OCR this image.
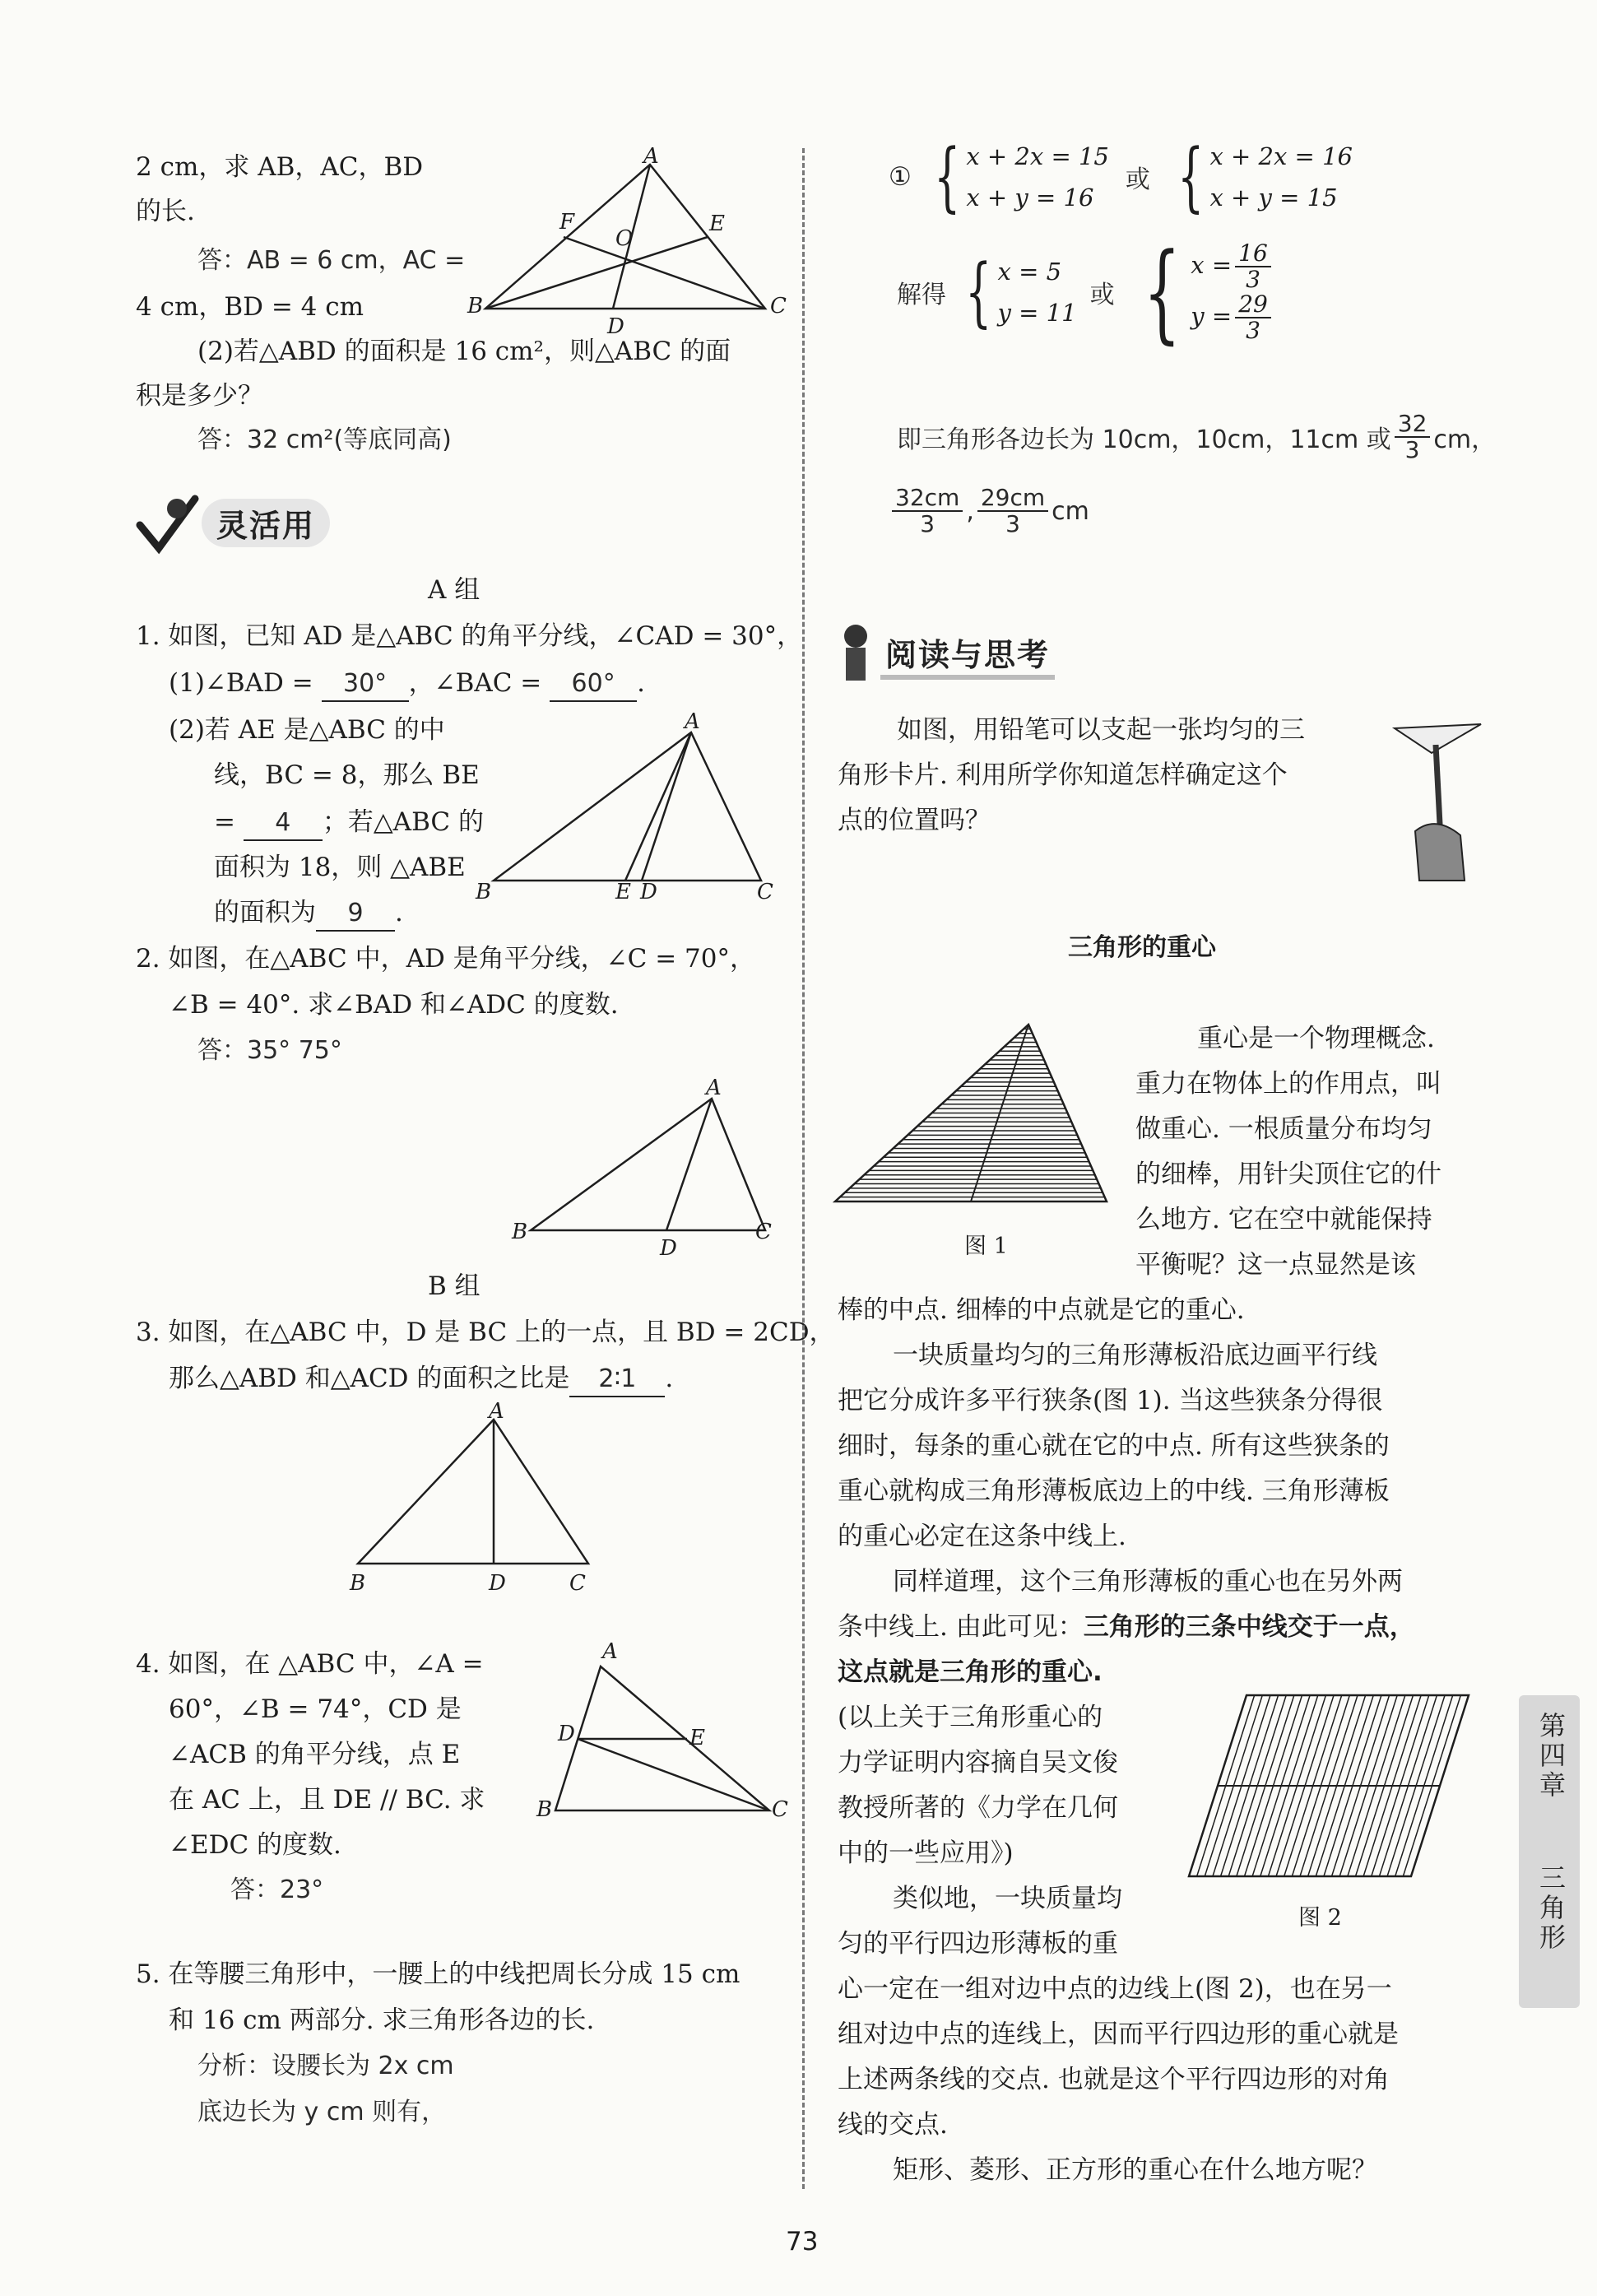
2 cm，求 AB，AC，BD
的长.
答：AB = 6 cm，AC =
4 cm，BD = 4 cm
A
B	C
D
F	E
O
(2)若△ABD 的面积是 16 cm²，则△ABC 的面
积是多少？
答：32 cm²(等底同高)
灵活用
A 组
1. 如图，已知 AD 是△ABC 的角平分线，∠CAD = 30°，
(1)∠BAD = 30° ，∠BAC = 60° .
(2)若 AE 是△ABC 的中
线，BC = 8，那么 BE
= 4 ；若△ABC 的
面积为 18，则 △ABE
的面积为 9 .
A
B	C
E D
2. 如图，在△ABC 中，AD 是角平分线，∠C = 70°，
∠B = 40°. 求∠BAD 和∠ADC 的度数.
答：35° 75°
A
B	C
D
B 组
3. 如图，在△ABC 中，D 是 BC 上的一点，且 BD = 2CD，
那么△ABD 和△ACD 的面积之比是 2∶1 .
A
B	D	C
4. 如图，在 △ABC 中，∠A =
60°，∠B = 74°，CD 是
∠ACB 的角平分线，点 E
在 AC 上，且 DE // BC. 求
∠EDC 的度数.
答：23°
A
B	C
D	E
5. 在等腰三角形中，一腰上的中线把周长分成 15 cm
和 16 cm 两部分. 求三角形各边的长.
分析：设腰长为 2x cm
底边长为 y cm 则有，
① { x + 2x = 15
x + y = 16
或 { x + 2x = 16
x + y = 15
解得 { x = 5
y = 11
或 { $x = \frac{16}{3}$
$y = \frac{29}{3}$
即三角形各边长为 10cm，10cm，11cm 或 $\frac{32}{3}$ cm，
$\frac{32cm}{3}$ , $\frac{29cm}{3}$ cm
阅读与思考
如图，用铅笔可以支起一张均匀的三
角形卡片. 利用所学你知道怎样确定这个
点的位置吗？
三角形的重心
图 1
重心是一个物理概念.
重力在物体上的作用点，叫
做重心. 一根质量分布均匀
的细棒，用针尖顶住它的什
么地方. 它在空中就能保持
平衡呢？这一点显然是该
棒的中点. 细棒的中点就是它的重心.
一块质量均匀的三角形薄板沿底边画平行线
把它分成许多平行狭条(图 1). 当这些狭条分得很
细时，每条的重心就在它的中点. 所有这些狭条的
重心就构成三角形薄板底边上的中线. 三角形薄板
的重心必定在这条中线上.
同样道理，这个三角形薄板的重心也在另外两
条中线上. 由此可见：三角形的三条中线交于一点，
这点就是三角形的重心.
(以上关于三角形重心的
力学证明内容摘自吴文俊
教授所著的《力学在几何
中的一些应用》)
类似地，一块质量均
匀的平行四边形薄板的重
心一定在一组对边中点的边线上(图 2)，也在另一
组对边中点的连线上，因而平行四边形的重心就是
上述两条线的交点. 也就是这个平行四边形的对角
线的交点.
矩形、菱形、正方形的重心在什么地方呢？
图 2
第四章
三角形
73
